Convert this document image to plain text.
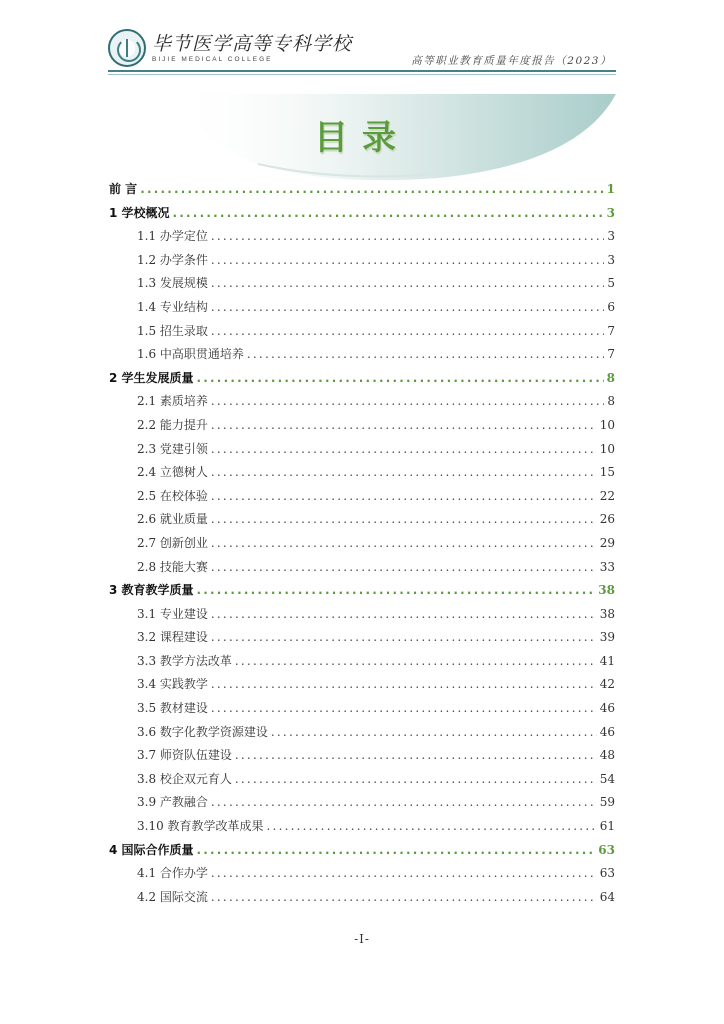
毕节医学高等专科学校
BIJIE MEDICAL COLLEGE	高等职业教育质量年度报告（2023）
目录
前 言 .....	1
1 学校概况 .....	3
1.1 办学定位 .....	3
1.2 办学条件 .....	3
1.3 发展规模 .....	5
1.4 专业结构 .....	6
1.5 招生录取 .....	7
1.6 中高职贯通培养 .....	7
2 学生发展质量 .....	8
2.1 素质培养 .....	8
2.2 能力提升 .....	10
2.3 党建引领 .....	10
2.4 立德树人 .....	15
2.5 在校体验 .....	22
2.6 就业质量 .....	26
2.7 创新创业 .....	29
2.8 技能大赛 .....	33
3 教育教学质量 .....	38
3.1 专业建设 .....	38
3.2 课程建设 .....	39
3.3 教学方法改革 .....	41
3.4 实践教学 .....	42
3.5 教材建设 .....	46
3.6 数字化教学资源建设 .....	46
3.7 师资队伍建设 .....	48
3.8 校企双元育人 .....	54
3.9 产教融合 .....	59
3.10 教育教学改革成果 .....	61
4 国际合作质量 .....	63
4.1 合作办学 .....	63
4.2 国际交流 .....	64
-I-
